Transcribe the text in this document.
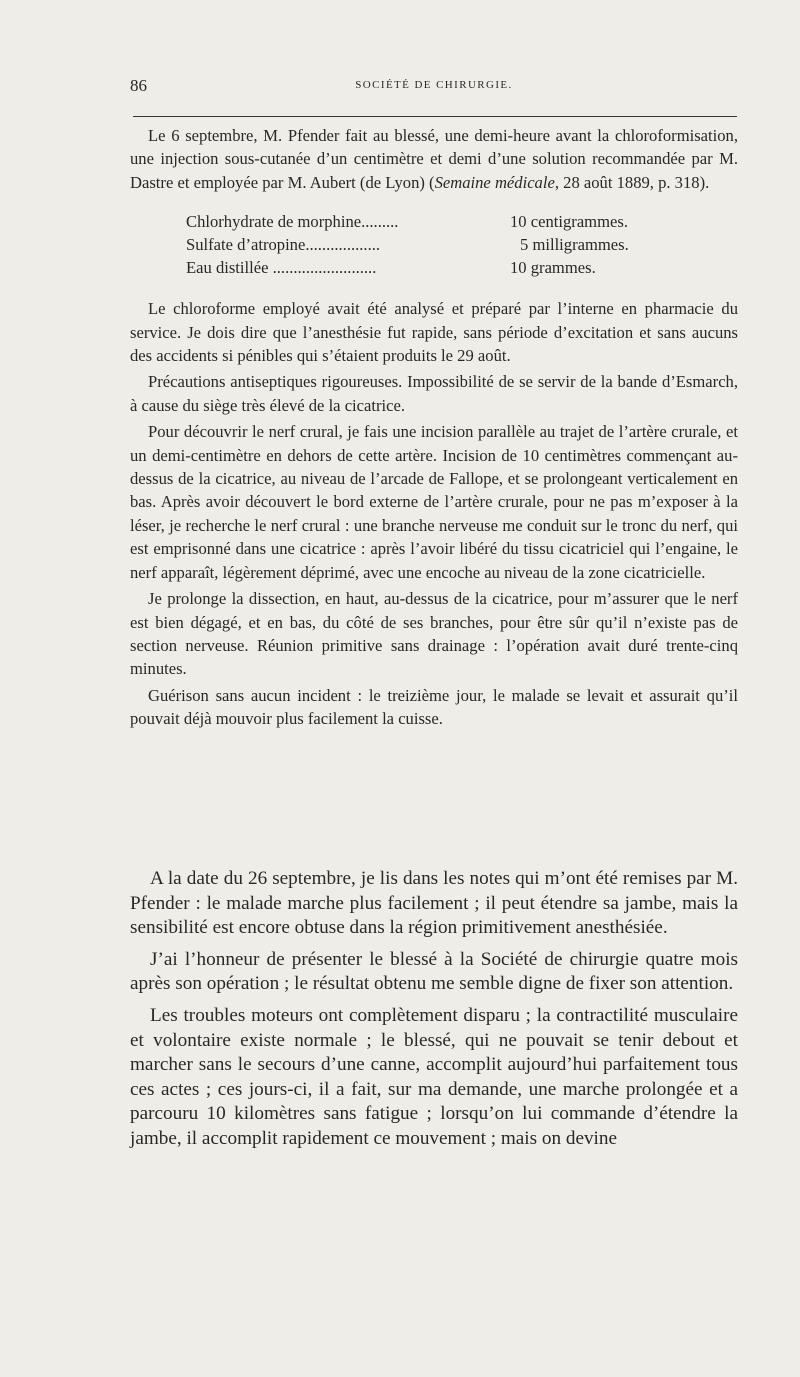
86	SOCIÉTÉ DE CHIRURGIE.

Le 6 septembre, M. Pfender fait au blessé, une demi-heure avant la chloroformisation, une injection sous-cutanée d’un centimètre et demi d’une solution recommandée par M. Dastre et employée par M. Aubert (de Lyon) (Semaine médicale, 28 août 1889, p. 318).

Chlorhydrate de morphine.........	10 centigrammes.
Sulfate d’atropine..................	5 milligrammes.
Eau distillée .........................	10 grammes.

Le chloroforme employé avait été analysé et préparé par l’interne en pharmacie du service. Je dois dire que l’anesthésie fut rapide, sans période d’excitation et sans aucuns des accidents si pénibles qui s’étaient produits le 29 août.

Précautions antiseptiques rigoureuses. Impossibilité de se servir de la bande d’Esmarch, à cause du siège très élevé de la cicatrice.

Pour découvrir le nerf crural, je fais une incision parallèle au trajet de l’artère crurale, et un demi-centimètre en dehors de cette artère. Incision de 10 centimètres commençant au-dessus de la cicatrice, au niveau de l’arcade de Fallope, et se prolongeant verticalement en bas. Après avoir découvert le bord externe de l’artère crurale, pour ne pas m’exposer à la léser, je recherche le nerf crural : une branche nerveuse me conduit sur le tronc du nerf, qui est emprisonné dans une cicatrice : après l’avoir libéré du tissu cicatriciel qui l’engaine, le nerf apparaît, légèrement déprimé, avec une encoche au niveau de la zone cicatricielle.

Je prolonge la dissection, en haut, au-dessus de la cicatrice, pour m’assurer que le nerf est bien dégagé, et en bas, du côté de ses branches, pour être sûr qu’il n’existe pas de section nerveuse. Réunion primitive sans drainage : l’opération avait duré trente-cinq minutes.

Guérison sans aucun incident : le treizième jour, le malade se levait et assurait qu’il pouvait déjà mouvoir plus facilement la cuisse.

A la date du 26 septembre, je lis dans les notes qui m’ont été remises par M. Pfender : le malade marche plus facilement ; il peut étendre sa jambe, mais la sensibilité est encore obtuse dans la région primitivement anesthésiée.

J’ai l’honneur de présenter le blessé à la Société de chirurgie quatre mois après son opération ; le résultat obtenu me semble digne de fixer son attention.

Les troubles moteurs ont complètement disparu ; la contractilité musculaire et volontaire existe normale ; le blessé, qui ne pouvait se tenir debout et marcher sans le secours d’une canne, accomplit aujourd’hui parfaitement tous ces actes ; ces jours-ci, il a fait, sur ma demande, une marche prolongée et a parcouru 10 kilomètres sans fatigue ; lorsqu’on lui commande d’étendre la jambe, il accomplit rapidement ce mouvement ; mais on devine
